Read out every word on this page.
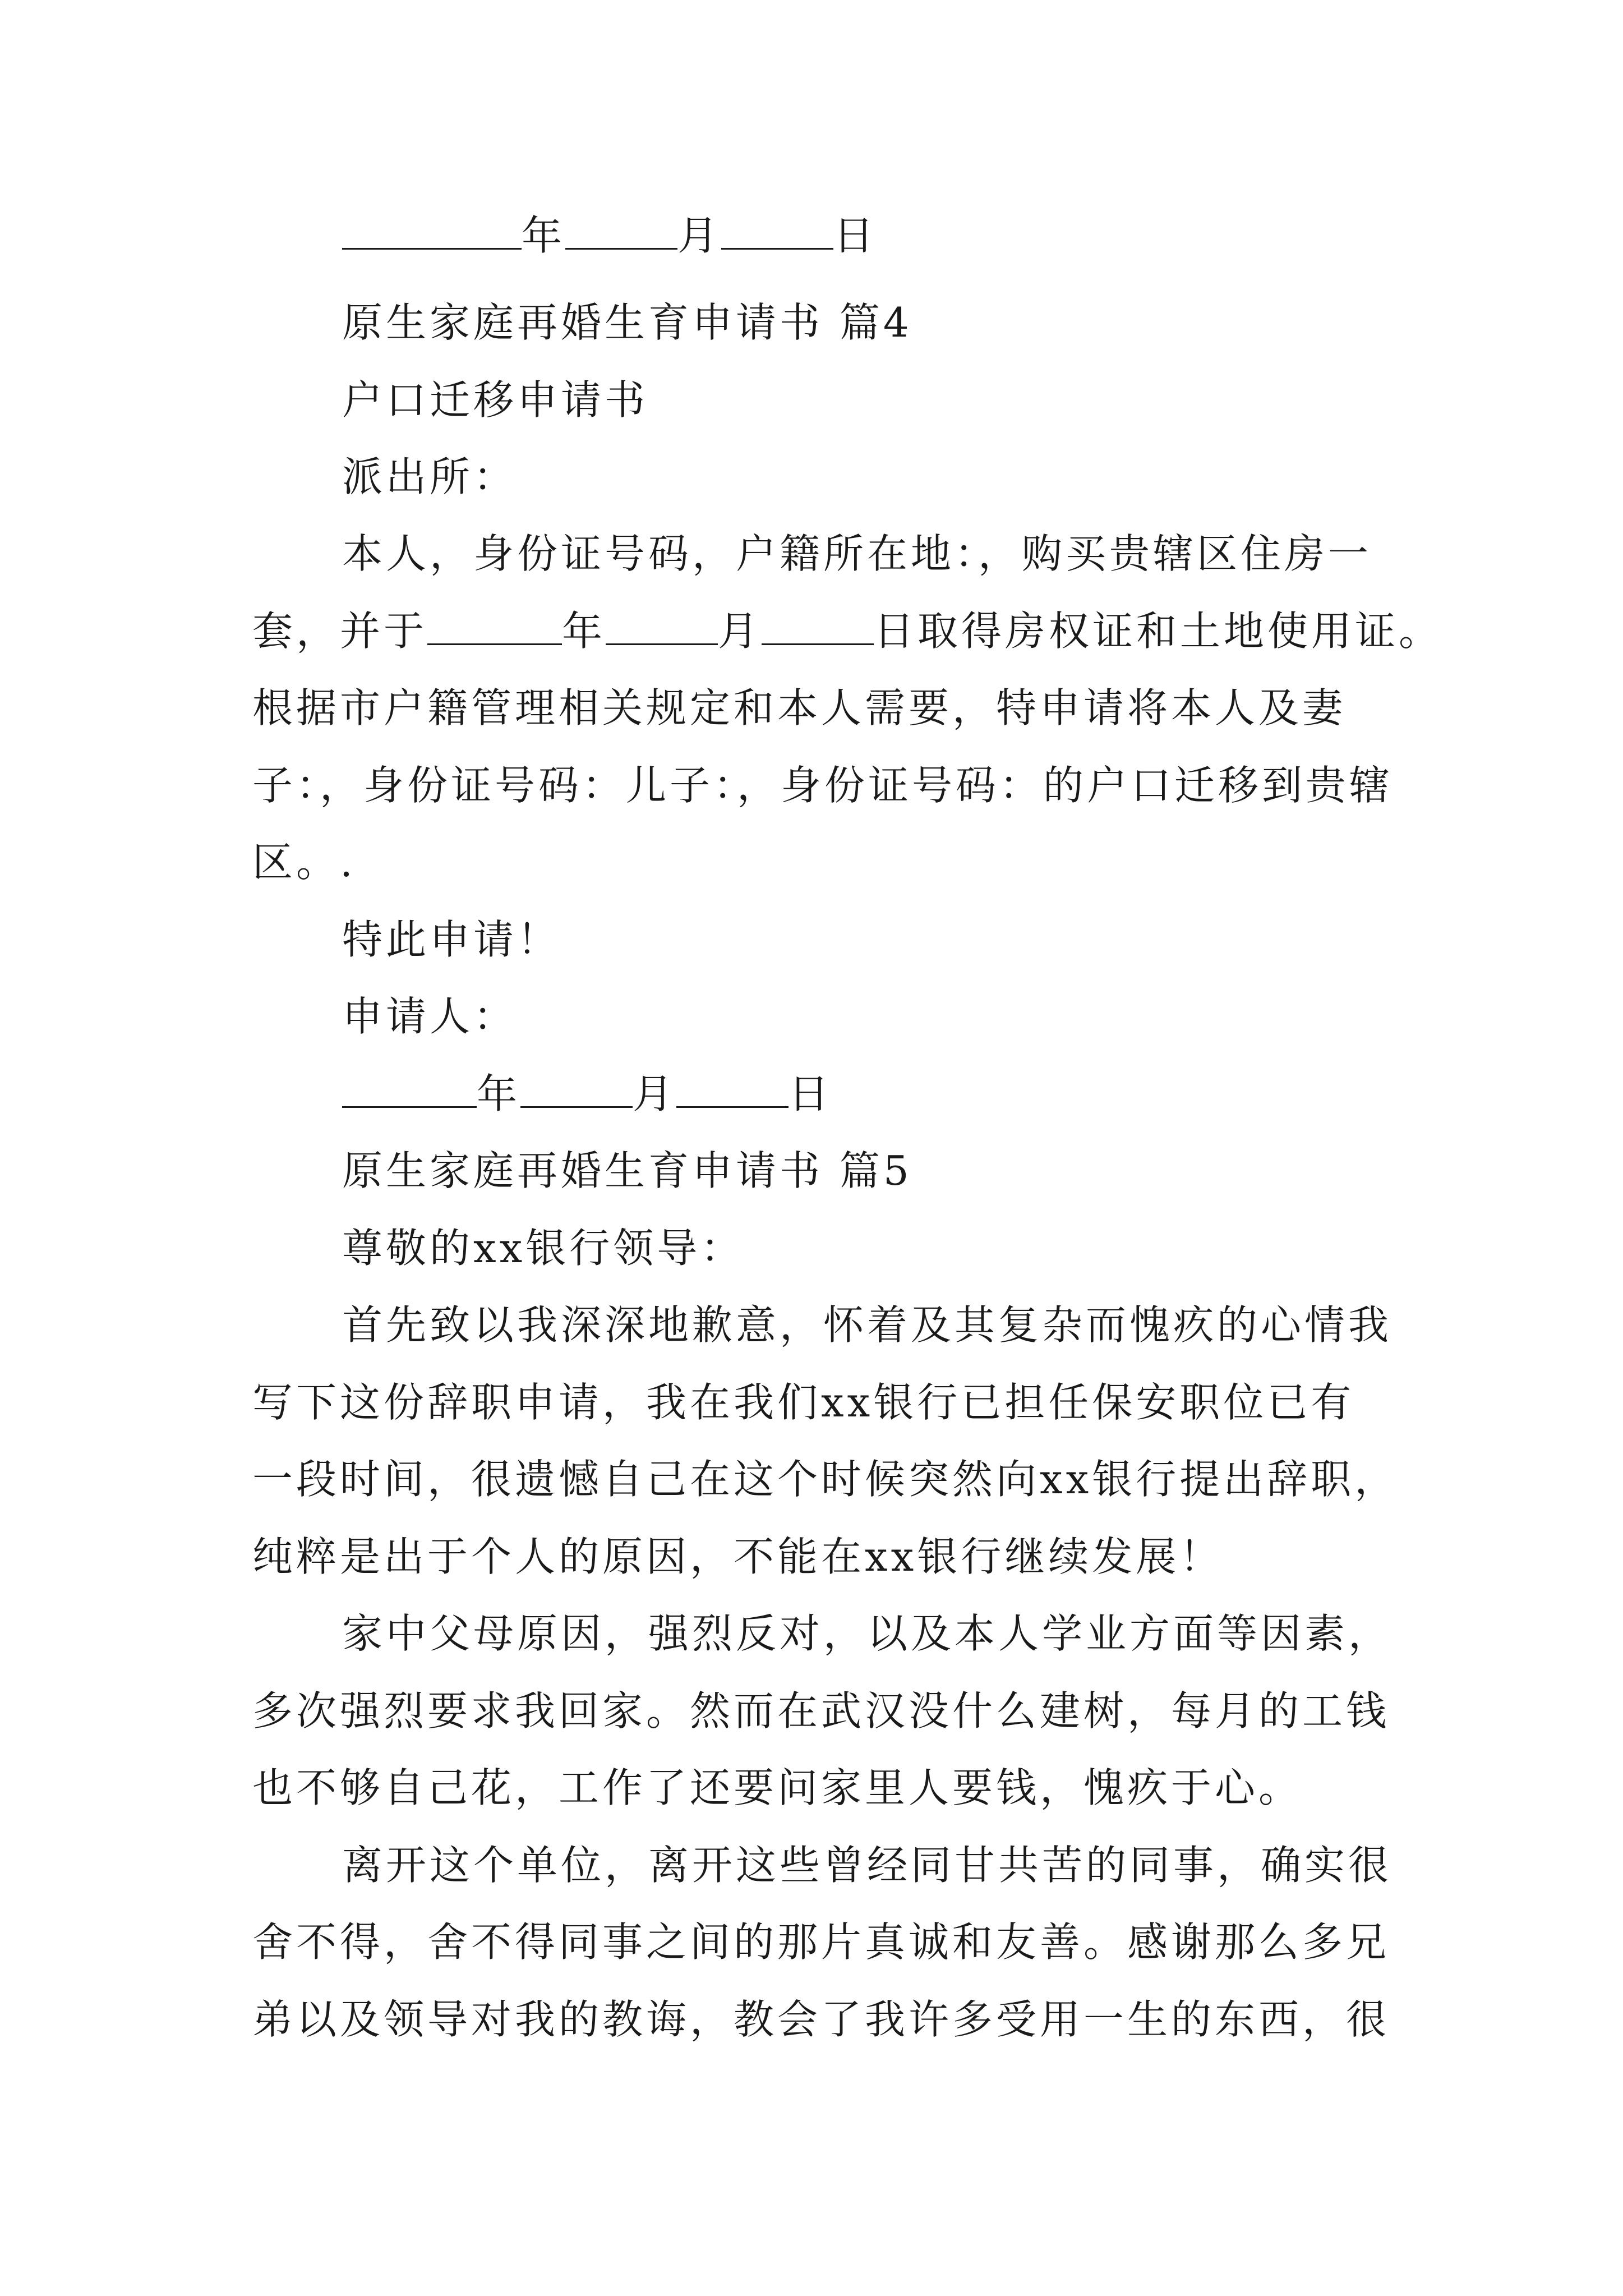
年	月	日
原生家庭再婚生育申请书 篇4
户口迁移申请书
派出所：
本人，身份证号码，户籍所在地：，购买贵辖区住房一
套，并于	年	月	日取得房权证和土地使用证。
根据市户籍管理相关规定和本人需要，特申请将本人及妻
子：，身份证号码：儿子：，身份证号码：的户口迁移到贵辖
区。.
特此申请！
申请人：
年	月	日
原生家庭再婚生育申请书 篇5
尊敬的xx银行领导：
首先致以我深深地歉意，怀着及其复杂而愧疚的心情我
写下这份辞职申请，我在我们xx银行已担任保安职位已有
一段时间，很遗憾自己在这个时候突然向xx银行提出辞职，
纯粹是出于个人的原因，不能在xx银行继续发展！
家中父母原因，强烈反对，以及本人学业方面等因素，
多次强烈要求我回家。然而在武汉没什么建树，每月的工钱
也不够自己花，工作了还要问家里人要钱，愧疚于心。
离开这个单位，离开这些曾经同甘共苦的同事，确实很
舍不得，舍不得同事之间的那片真诚和友善。感谢那么多兄
弟以及领导对我的教诲，教会了我许多受用一生的东西，很
